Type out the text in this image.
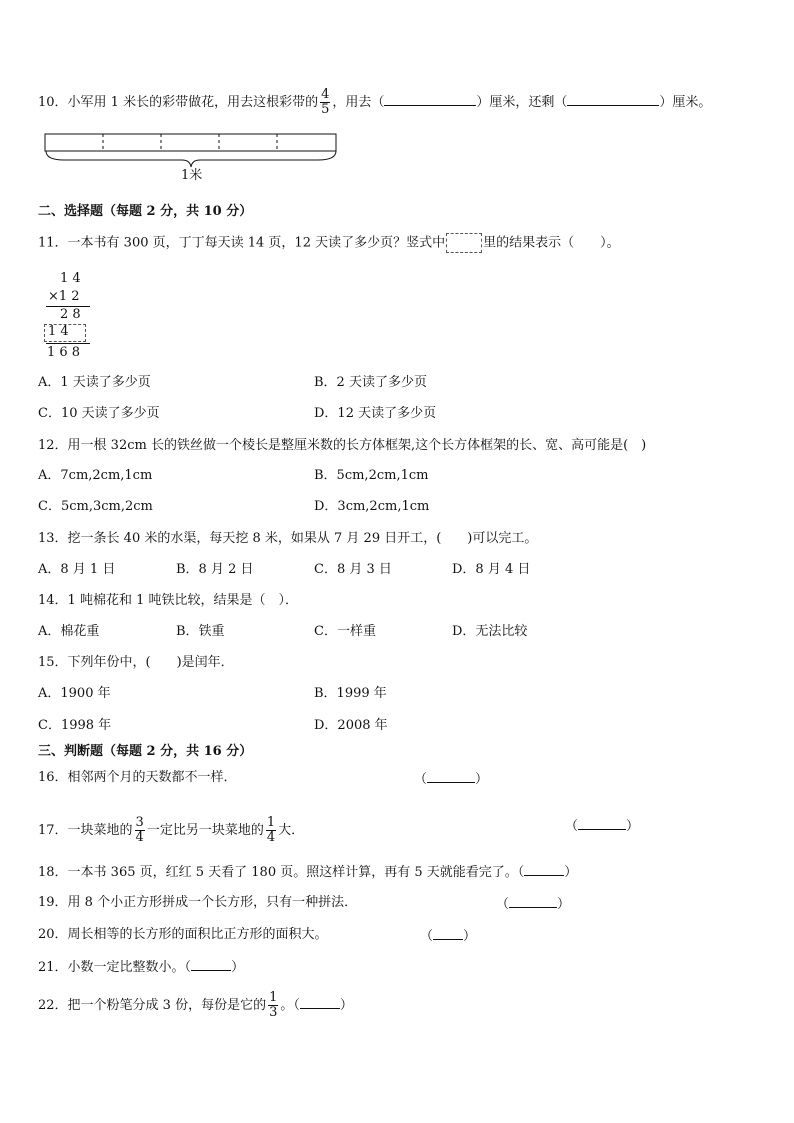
10．小军用 1 米长的彩带做花，用去这根彩带的 $\frac{4}{5}$ ，用去（	）厘米，还剩（	）厘米。
1米
二、选择题（每题 2 分，共 10 分）
11．一本书有 300 页，丁丁每天读 14 页，12 天读了多少页？竖式中	里的结果表示（　　）。
1 4
×1 2
2 8
1 4
1 6 8
A．1 天读了多少页	B．2 天读了多少页
C．10 天读了多少页	D．12 天读了多少页
12．用一根 32cm 长的铁丝做一个棱长是整厘米数的长方体框架,这个长方体框架的长、宽、高可能是(　)
A．7cm,2cm,1cm	B．5cm,2cm,1cm
C．5cm,3cm,2cm	D．3cm,2cm,1cm
13．挖一条长 40 米的水渠，每天挖 8 米，如果从 7 月 29 日开工，(　　)可以完工。
A．8 月 1 日	B．8 月 2 日	C．8 月 3 日	D．8 月 4 日
14．1 吨棉花和 1 吨铁比较，结果是（　）．
A．棉花重	B．铁重	C．一样重	D．无法比较
15．下列年份中，(　　)是闰年．
A．1900 年	B．1999 年
C．1998 年	D．2008 年
三、判断题（每题 2 分，共 16 分）
16．相邻两个月的天数都不一样．	（	）
17．一块菜地的 $\frac{3}{4}$ 一定比另一块菜地的 $\frac{1}{4}$ 大．	（	）
18．一本书 365 页，红红 5 天看了 180 页。照这样计算，再有 5 天就能看完了。（	）
19．用 8 个小正方形拼成一个长方形，只有一种拼法．	（	）
20．周长相等的长方形的面积比正方形的面积大。	（ ）
21．小数一定比整数小。（	）
22．把一个粉笔分成 3 份，每份是它的 $\frac{1}{3}$ 。（	）
